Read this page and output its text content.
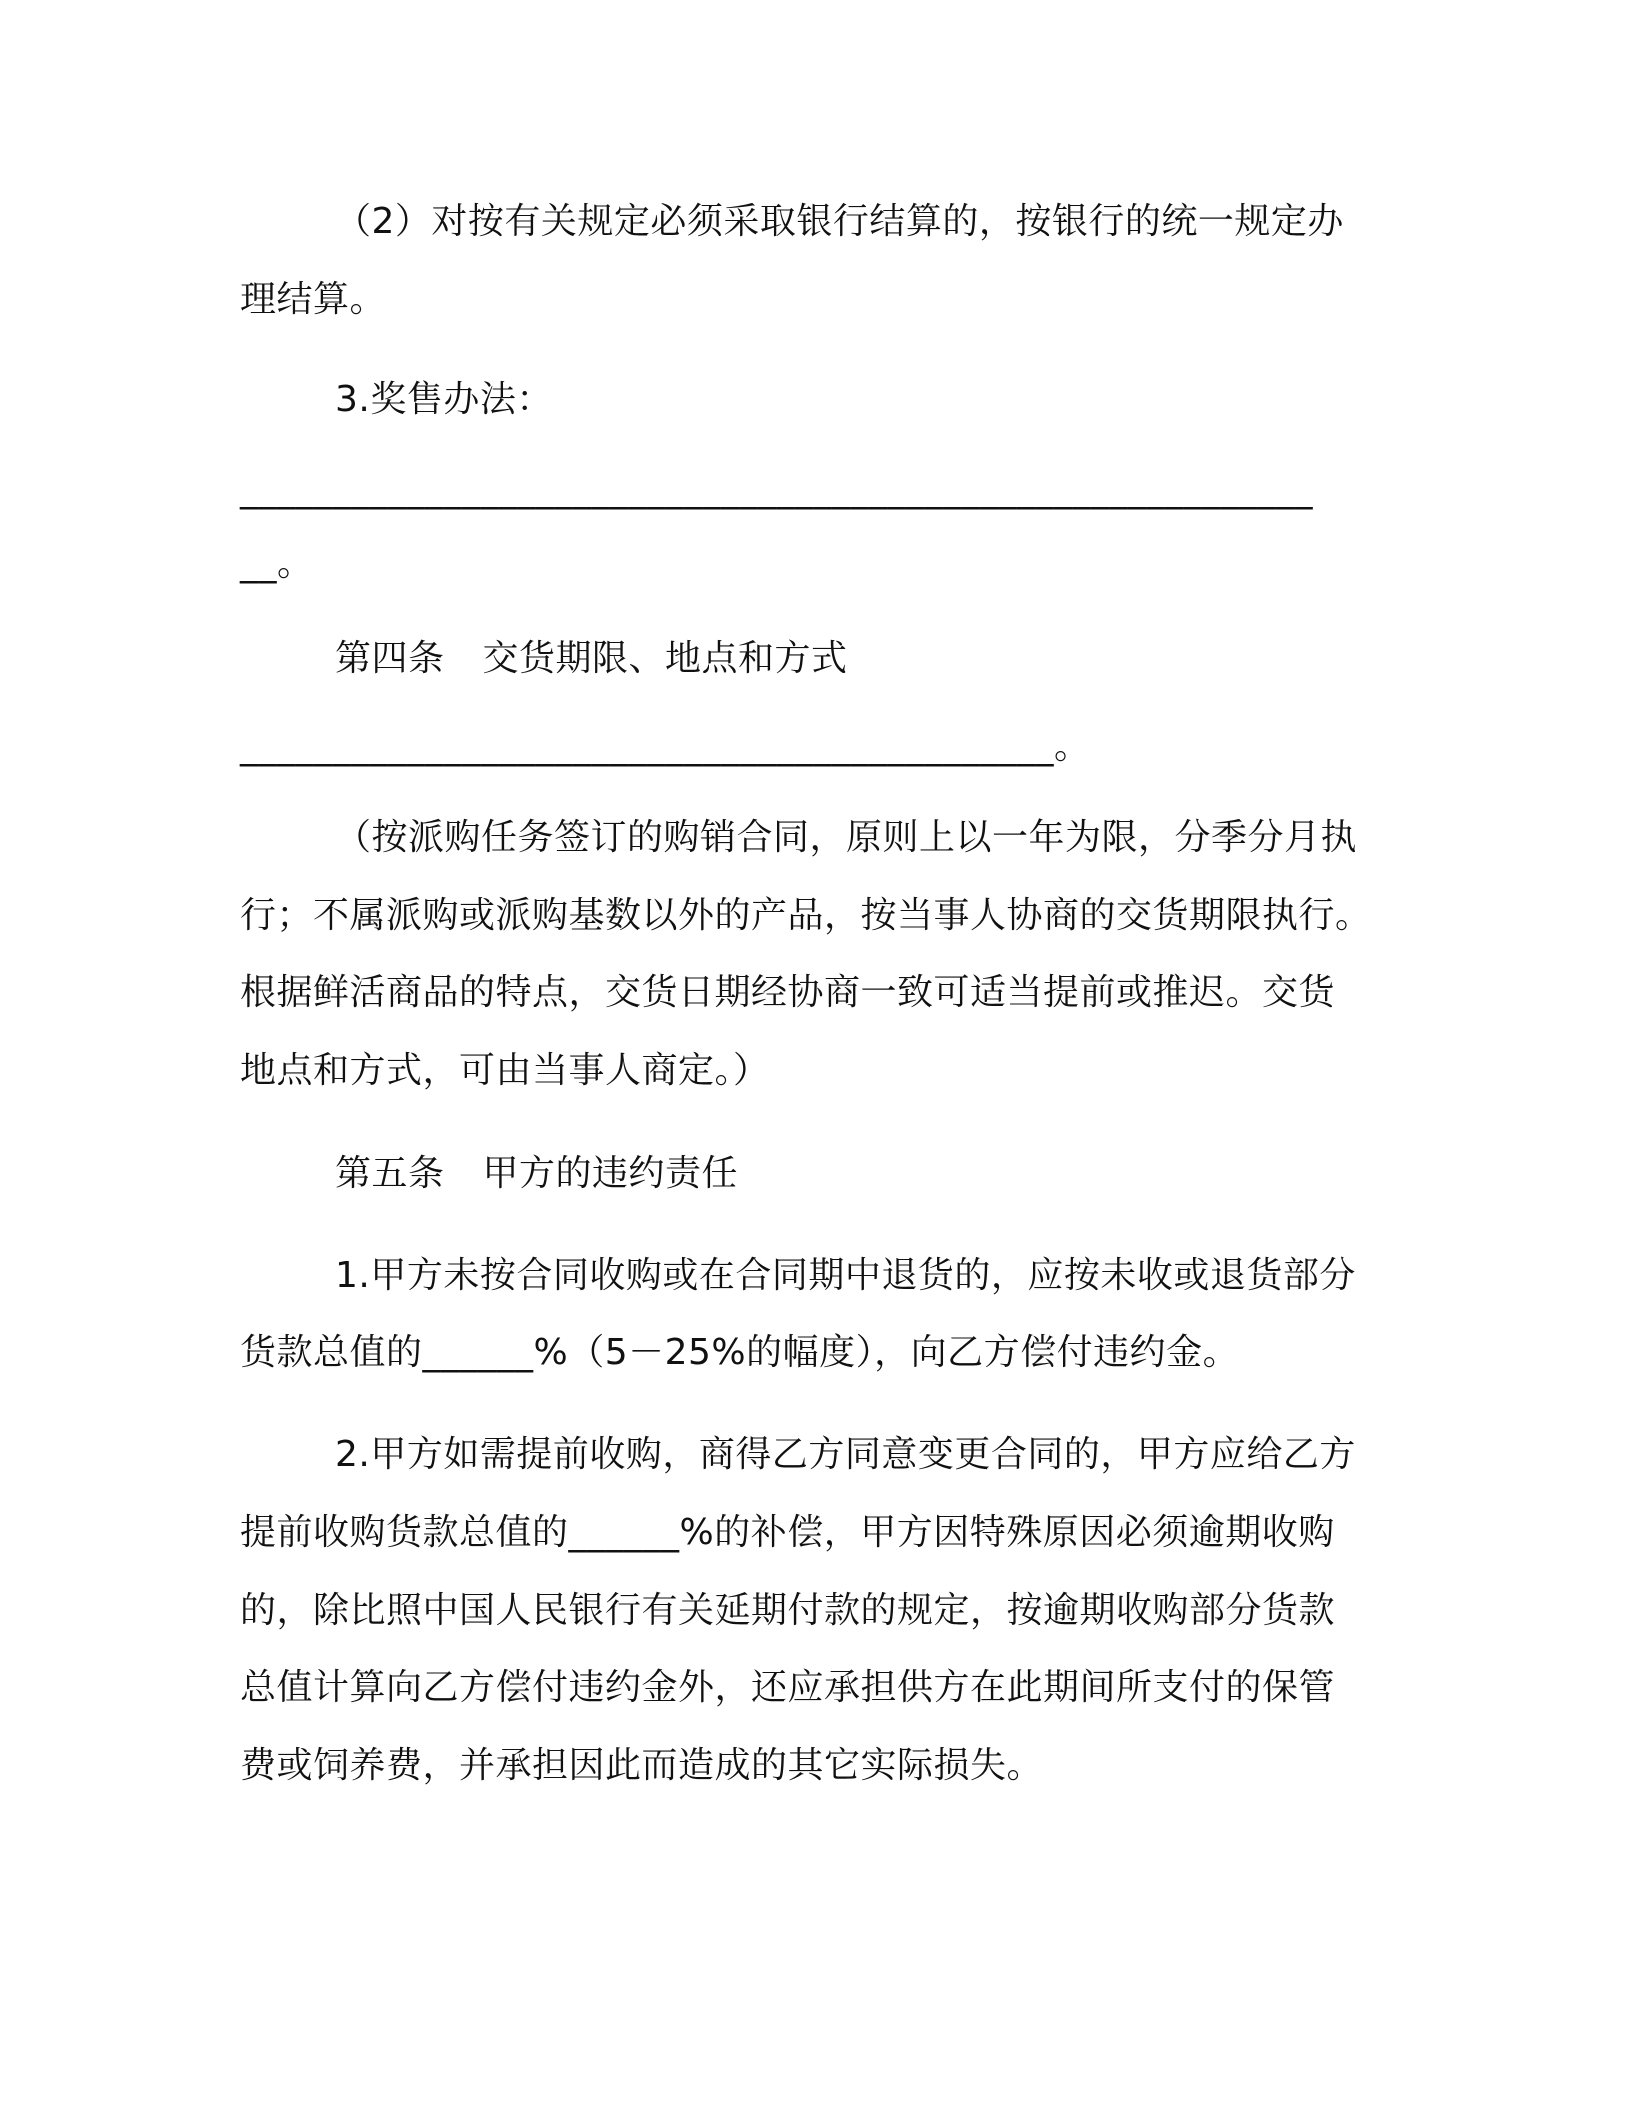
（2）对按有关规定必须采取银行结算的，按银行的统一规定办
理结算。
3.奖售办法：
__________________________________________________________
__。
第四条 交货期限、地点和方式
____________________________________________。
（按派购任务签订的购销合同，原则上以一年为限，分季分月执
行；不属派购或派购基数以外的产品，按当事人协商的交货期限执行。
根据鲜活商品的特点，交货日期经协商一致可适当提前或推迟。交货
地点和方式，可由当事人商定。）
第五条 甲方的违约责任
1.甲方未按合同收购或在合同期中退货的，应按未收或退货部分
货款总值的______%（5－25%的幅度），向乙方偿付违约金。
2.甲方如需提前收购，商得乙方同意变更合同的，甲方应给乙方
提前收购货款总值的______%的补偿，甲方因特殊原因必须逾期收购
的，除比照中国人民银行有关延期付款的规定，按逾期收购部分货款
总值计算向乙方偿付违约金外，还应承担供方在此期间所支付的保管
费或饲养费，并承担因此而造成的其它实际损失。
